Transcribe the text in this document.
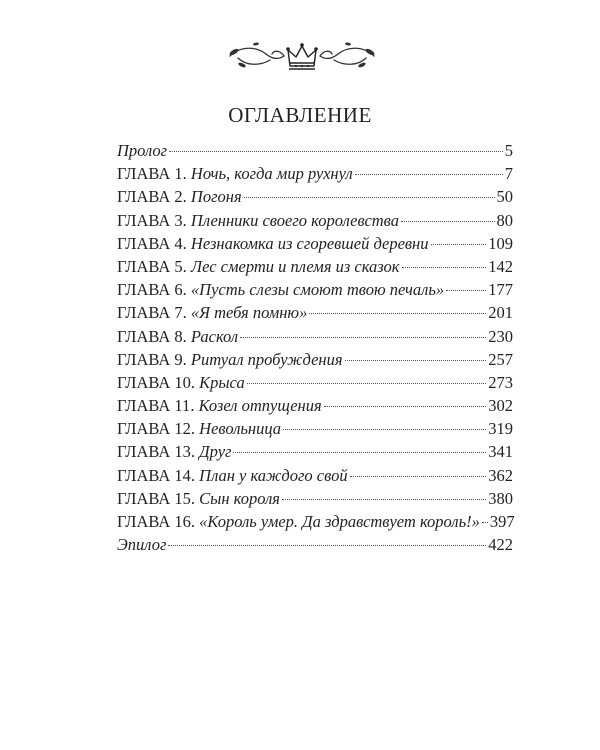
ОГЛАВЛЕНИЕ
Пролог	5
ГЛАВА 1. Ночь, когда мир рухнул	7
ГЛАВА 2. Погоня	50
ГЛАВА 3. Пленники своего королевства	80
ГЛАВА 4. Незнакомка из сгоревшей деревни	109
ГЛАВА 5. Лес смерти и племя из сказок	142
ГЛАВА 6. «Пусть слезы смоют твою печаль»	177
ГЛАВА 7. «Я тебя помню»	201
ГЛАВА 8. Раскол	230
ГЛАВА 9. Ритуал пробуждения	257
ГЛАВА 10. Крыса	273
ГЛАВА 11. Козел отпущения	302
ГЛАВА 12. Невольница	319
ГЛАВА 13. Друг	341
ГЛАВА 14. План у каждого свой	362
ГЛАВА 15. Сын короля	380
ГЛАВА 16. «Король умер. Да здравствует король!» 397
Эпилог	422
